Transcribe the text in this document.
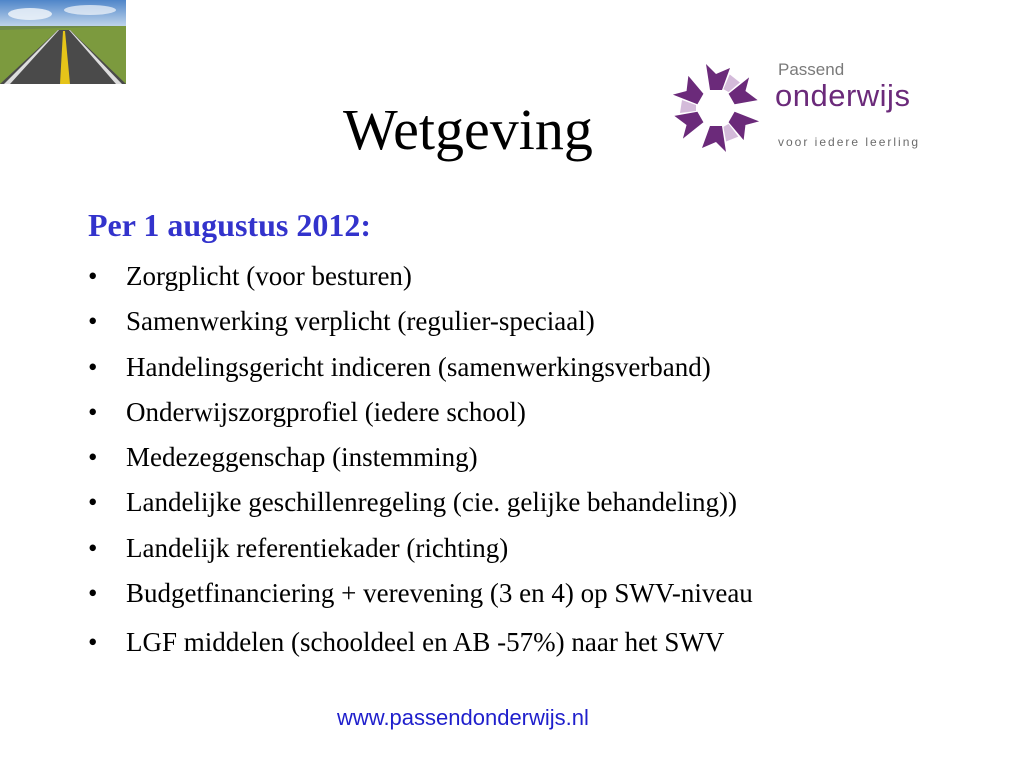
Wetgeving
Passend
onderwijs
voor iedere leerling
Per 1 augustus 2012:
• Zorgplicht (voor besturen)
• Samenwerking verplicht (regulier-speciaal)
• Handelingsgericht indiceren (samenwerkingsverband)
• Onderwijszorgprofiel (iedere school)
• Medezeggenschap (instemming)
• Landelijke geschillenregeling (cie. gelijke behandeling))
• Landelijk referentiekader (richting)
• Budgetfinanciering + verevening (3 en 4) op SWV-niveau
• LGF middelen (schooldeel en AB -57%) naar het SWV
www.passendonderwijs.nl
